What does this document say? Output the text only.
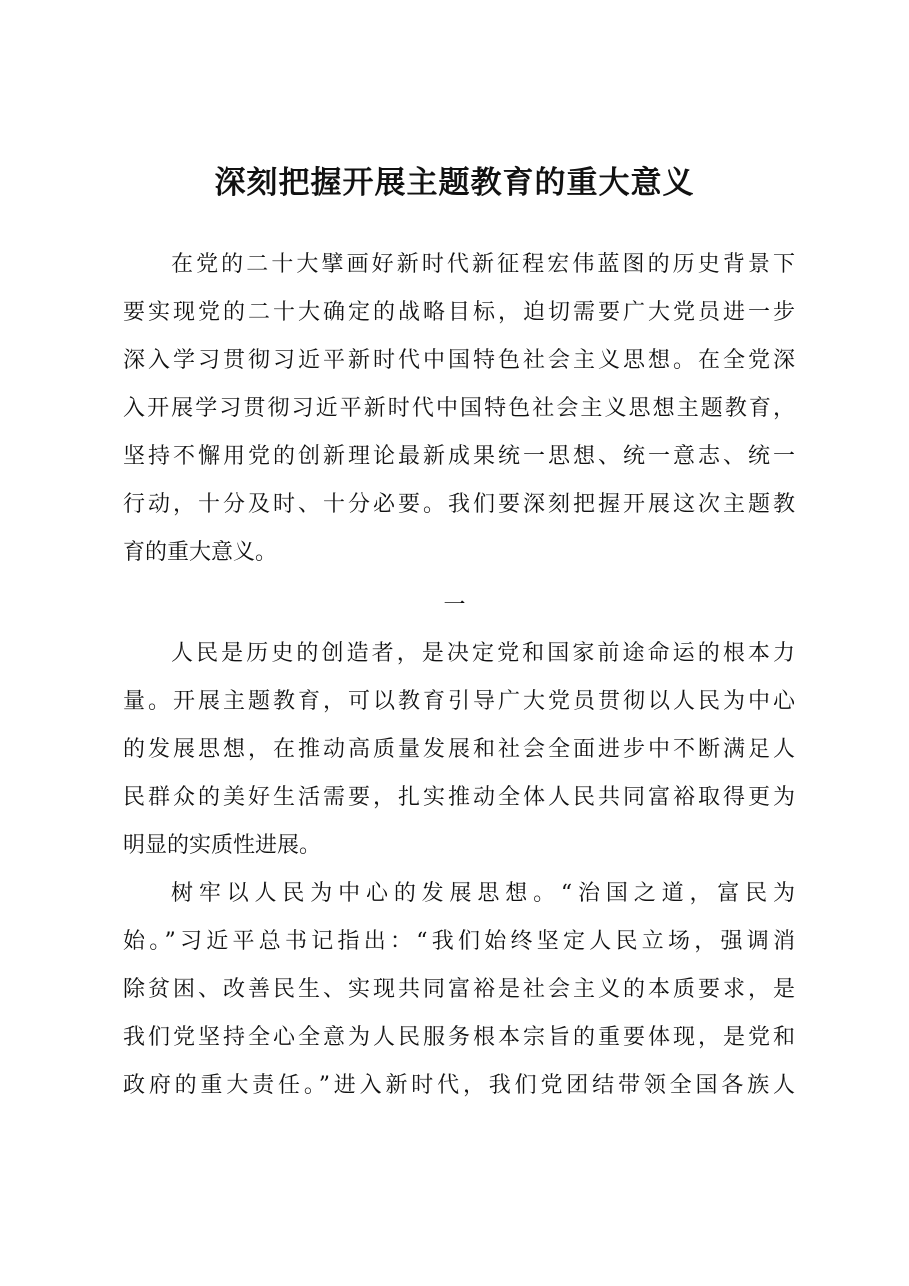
深刻把握开展主题教育的重大意义
在党的二十大擘画好新时代新征程宏伟蓝图的历史背景下
要实现党的二十大确定的战略目标，迫切需要广大党员进一步
深入学习贯彻习近平新时代中国特色社会主义思想。在全党深
入开展学习贯彻习近平新时代中国特色社会主义思想主题教育，
坚持不懈用党的创新理论最新成果统一思想、统一意志、统一
行动，十分及时、十分必要。我们要深刻把握开展这次主题教
育的重大意义。
一
人民是历史的创造者，是决定党和国家前途命运的根本力
量。开展主题教育，可以教育引导广大党员贯彻以人民为中心
的发展思想，在推动高质量发展和社会全面进步中不断满足人
民群众的美好生活需要，扎实推动全体人民共同富裕取得更为
明显的实质性进展。
树牢以人民为中心的发展思想。“治国之道，富民为
始。”习近平总书记指出：“我们始终坚定人民立场，强调消
除贫困、改善民生、实现共同富裕是社会主义的本质要求，是
我们党坚持全心全意为人民服务根本宗旨的重要体现，是党和
政府的重大责任。”进入新时代，我们党团结带领全国各族人
